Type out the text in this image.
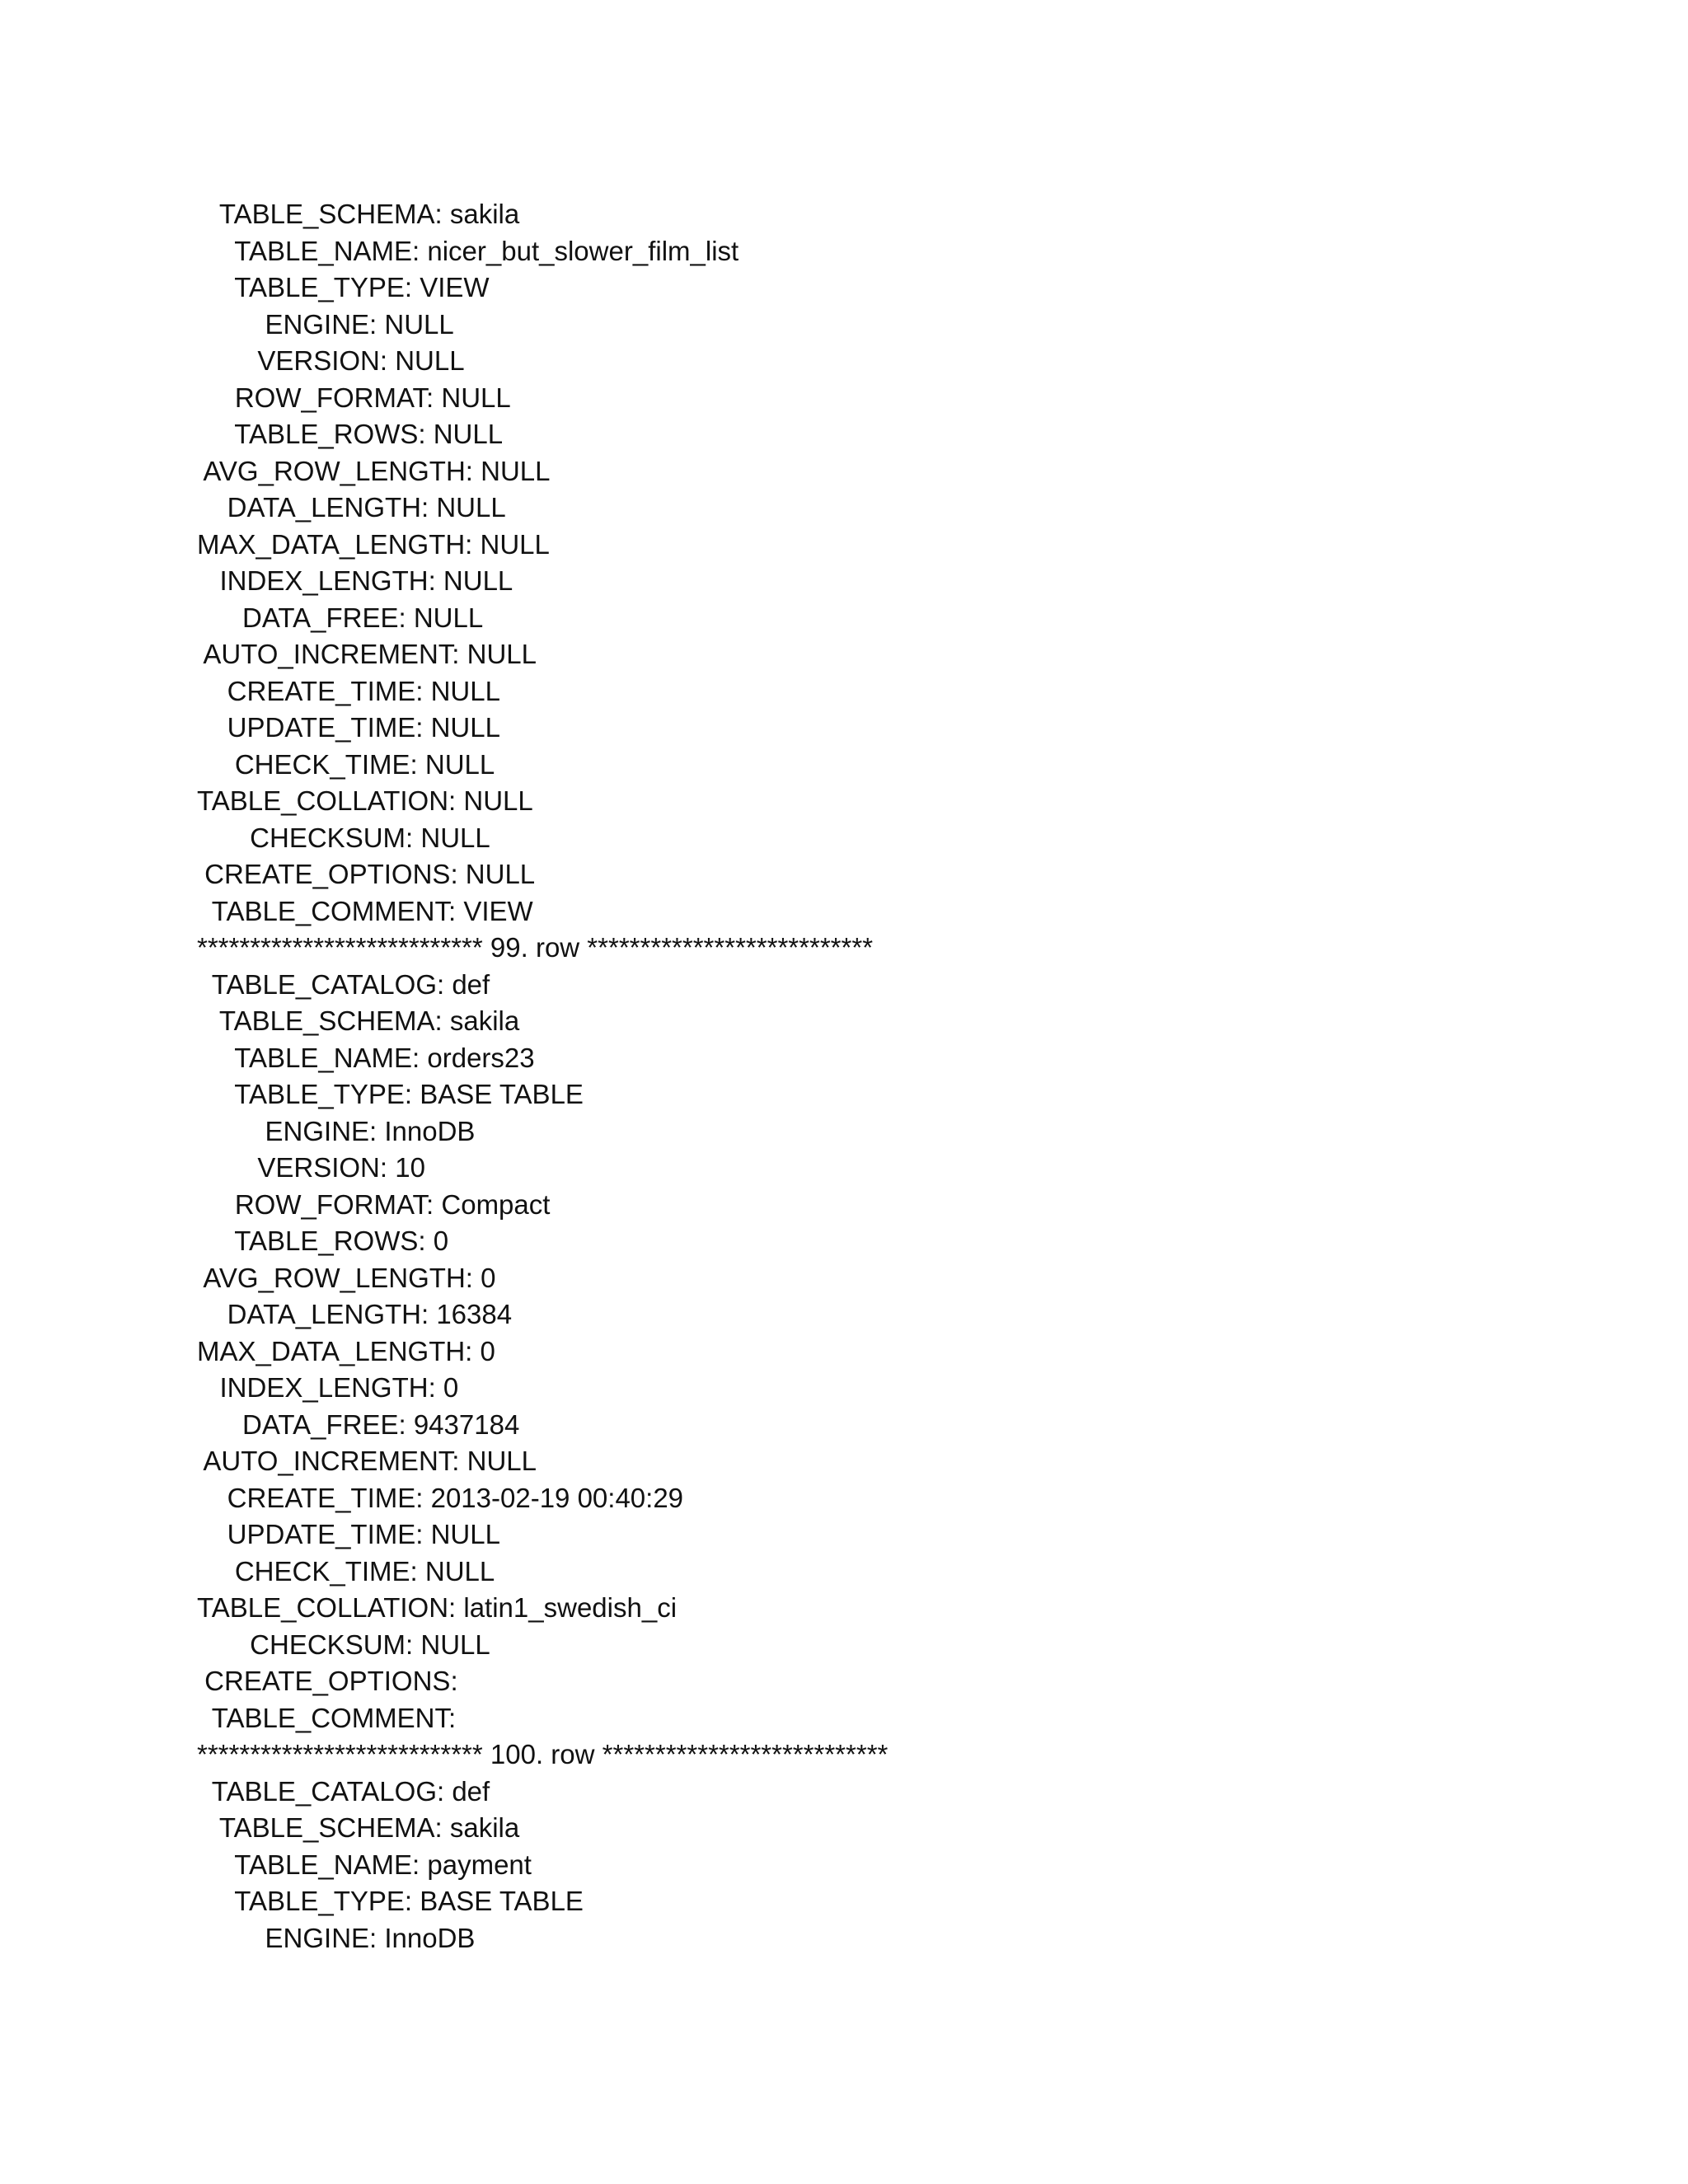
TABLE_SCHEMA: sakila
TABLE_NAME: nicer_but_slower_film_list
TABLE_TYPE: VIEW
ENGINE: NULL
VERSION: NULL
ROW_FORMAT: NULL
TABLE_ROWS: NULL
AVG_ROW_LENGTH: NULL
DATA_LENGTH: NULL
MAX_DATA_LENGTH: NULL
INDEX_LENGTH: NULL
DATA_FREE: NULL
AUTO_INCREMENT: NULL
CREATE_TIME: NULL
UPDATE_TIME: NULL
CHECK_TIME: NULL
TABLE_COLLATION: NULL
CHECKSUM: NULL
CREATE_OPTIONS: NULL
TABLE_COMMENT: VIEW
*************************** 99. row ***************************
TABLE_CATALOG: def
TABLE_SCHEMA: sakila
TABLE_NAME: orders23
TABLE_TYPE: BASE TABLE
ENGINE: InnoDB
VERSION: 10
ROW_FORMAT: Compact
TABLE_ROWS: 0
AVG_ROW_LENGTH: 0
DATA_LENGTH: 16384
MAX_DATA_LENGTH: 0
INDEX_LENGTH: 0
DATA_FREE: 9437184
AUTO_INCREMENT: NULL
CREATE_TIME: 2013-02-19 00:40:29
UPDATE_TIME: NULL
CHECK_TIME: NULL
TABLE_COLLATION: latin1_swedish_ci
CHECKSUM: NULL
CREATE_OPTIONS:
TABLE_COMMENT:
*************************** 100. row ***************************
TABLE_CATALOG: def
TABLE_SCHEMA: sakila
TABLE_NAME: payment
TABLE_TYPE: BASE TABLE
ENGINE: InnoDB
